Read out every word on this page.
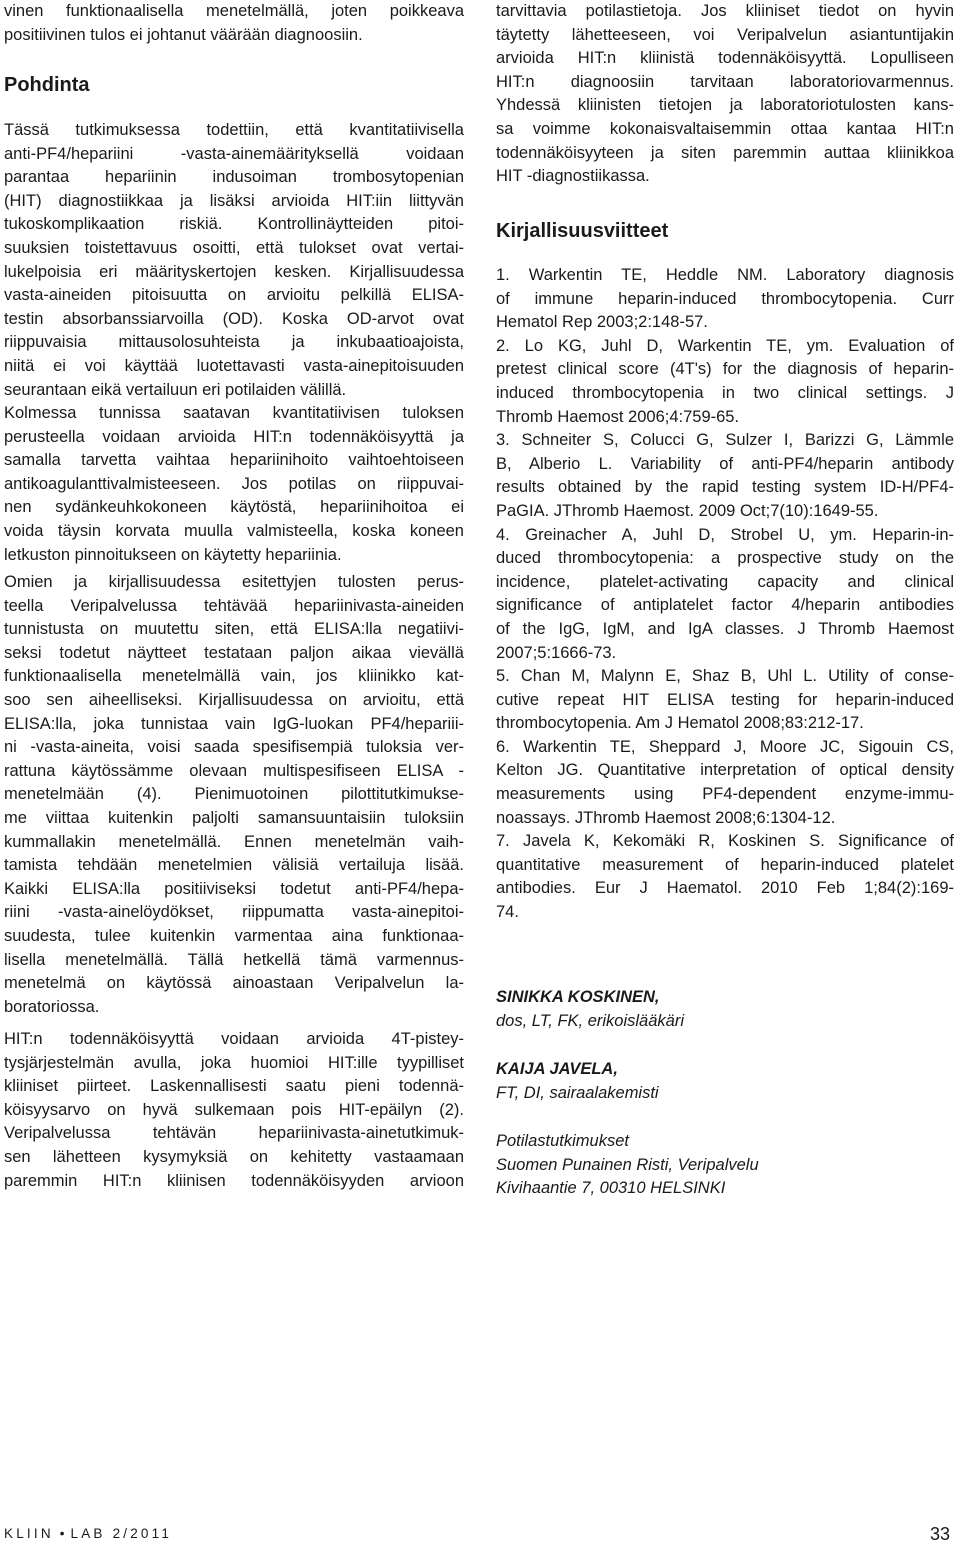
vinen funktionaalisella menetelmällä, joten poikkeava
positiivinen tulos ei johtanut väärään diagnoosiin.
Pohdinta
Tässä tutkimuksessa todettiin, että kvantitatiivisella
anti-PF4/hepariini -vasta-ainemäärityksellä voidaan
parantaa hepariinin indusoiman trombosytopenian
(HIT) diagnostiikkaa ja lisäksi arvioida HIT:iin liittyvän
tukoskomplikaation riskiä. Kontrollinäytteiden pitoi-
suuksien toistettavuus osoitti, että tulokset ovat vertai-
lukelpoisia eri määrityskertojen kesken. Kirjallisuudessa
vasta-aineiden pitoisuutta on arvioitu pelkillä ELISA-
testin absorbanssiarvoilla (OD). Koska OD-arvot ovat
riippuvaisia mittausolosuhteista ja inkubaatioajoista,
niitä ei voi käyttää luotettavasti vasta-ainepitoisuuden
seurantaan eikä vertailuun eri potilaiden välillä.
Kolmessa tunnissa saatavan kvantitatiivisen tuloksen
perusteella voidaan arvioida HIT:n todennäköisyyttä ja
samalla tarvetta vaihtaa hepariinihoito vaihtoehtoiseen
antikoagulanttivalmisteeseen. Jos potilas on riippuvai-
nen sydänkeuhkokoneen käytöstä, hepariinihoitoa ei
voida täysin korvata muulla valmisteella, koska koneen
letkuston pinnoitukseen on käytetty hepariinia.
Omien ja kirjallisuudessa esitettyjen tulosten perus-
teella Veripalvelussa tehtävää hepariinivasta-aineiden
tunnistusta on muutettu siten, että ELISA:lla negatiivi-
seksi todetut näytteet testataan paljon aikaa vievällä
funktionaalisella menetelmällä vain, jos kliinikko kat-
soo sen aiheelliseksi. Kirjallisuudessa on arvioitu, että
ELISA:lla, joka tunnistaa vain IgG-luokan PF4/hepariii-
ni -vasta-aineita, voisi saada spesifisempiä tuloksia ver-
rattuna käytössämme olevaan multispesifiseen ELISA -
menetelmään (4). Pienimuotoinen pilottitutkimukse-
me viittaa kuitenkin paljolti samansuuntaisiin tuloksiin
kummallakin menetelmällä. Ennen menetelmän vaih-
tamista tehdään menetelmien välisiä vertailuja lisää.
Kaikki ELISA:lla positiiviseksi todetut anti-PF4/hepa-
riini -vasta-ainelöydökset, riippumatta vasta-ainepitoi-
suudesta, tulee kuitenkin varmentaa aina funktionaa-
lisella menetelmällä. Tällä hetkellä tämä varmennus-
menetelmä on käytössä ainoastaan Veripalvelun la-
boratoriossa.
HIT:n todennäköisyyttä voidaan arvioida 4T-pistey-
tysjärjestelmän avulla, joka huomioi HIT:ille tyypilliset
kliiniset piirteet. Laskennallisesti saatu pieni todennä-
köisyysarvo on hyvä sulkemaan pois HIT-epäilyn (2).
Veripalvelussa tehtävän hepariinivasta-ainetutkimuk-
sen lähetteen kysymyksiä on kehitetty vastaamaan
paremmin HIT:n kliinisen todennäköisyyden arvioon
tarvittavia potilastietoja. Jos kliiniset tiedot on hyvin
täytetty lähetteeseen, voi Veripalvelun asiantuntijakin
arvioida HIT:n kliinistä todennäköisyyttä. Lopulliseen
HIT:n diagnoosiin tarvitaan laboratoriovarmennus.
Yhdessä kliinisten tietojen ja laboratoriotulosten kans-
sa voimme kokonaisvaltaisemmin ottaa kantaa HIT:n
todennäköisyyteen ja siten paremmin auttaa kliinikkoa
HIT -diagnostiikassa.
Kirjallisuusviitteet
1. Warkentin TE, Heddle NM. Laboratory diagnosis
of immune heparin-induced thrombocytopenia. Curr
Hematol Rep 2003;2:148-57.
2. Lo KG, Juhl D, Warkentin TE, ym. Evaluation of
pretest clinical score (4T's) for the diagnosis of heparin-
induced thrombocytopenia in two clinical settings. J
Thromb Haemost 2006;4:759-65.
3. Schneiter S, Colucci G, Sulzer I, Barizzi G, Lämmle
B, Alberio L. Variability of anti-PF4/heparin antibody
results obtained by the rapid testing system ID-H/PF4-
PaGIA. JThromb Haemost. 2009 Oct;7(10):1649-55.
4. Greinacher A, Juhl D, Strobel U, ym. Heparin-in-
duced thrombocytopenia: a prospective study on the
incidence, platelet-activating capacity and clinical
significance of antiplatelet factor 4/heparin antibodies
of the IgG, IgM, and IgA classes. J Thromb Haemost
2007;5:1666-73.
5. Chan M, Malynn E, Shaz B, Uhl L. Utility of conse-
cutive repeat HIT ELISA testing for heparin-induced
thrombocytopenia. Am J Hematol 2008;83:212-17.
6. Warkentin TE, Sheppard J, Moore JC, Sigouin CS,
Kelton JG. Quantitative interpretation of optical density
measurements using PF4-dependent enzyme-immu-
noassays. JThromb Haemost 2008;6:1304-12.
7. Javela K, Kekomäki R, Koskinen S. Significance of
quantitative measurement of heparin-induced platelet
antibodies. Eur J Haematol. 2010 Feb 1;84(2):169-
74.
SINIKKA KOSKINEN,
dos, LT, FK, erikoislääkäri
KAIJA JAVELA,
FT, DI, sairaalakemisti
Potilastutkimukset
Suomen Punainen Risti, Veripalvelu
Kivihaantie 7, 00310 HELSINKI
KLIIN • LAB 2/2011	33
